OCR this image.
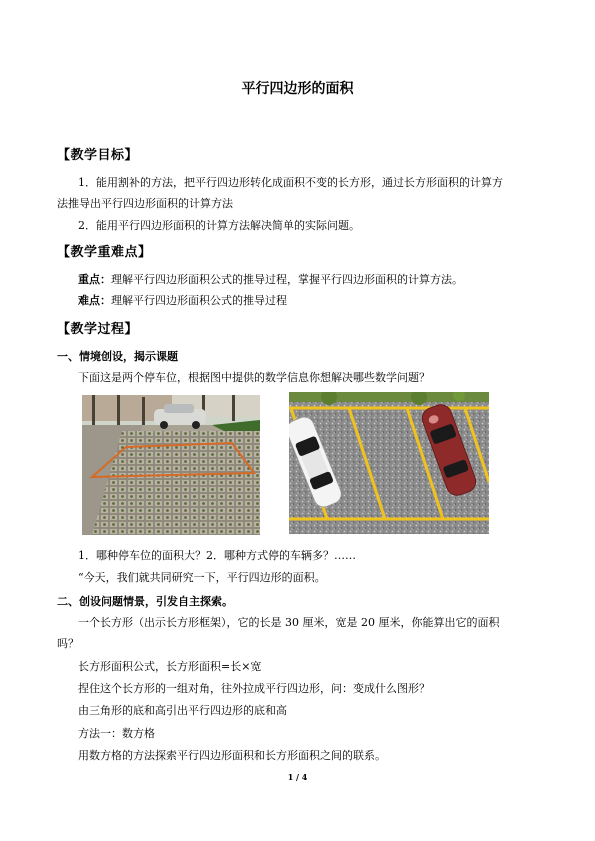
平行四边形的面积
【教学目标】
1．能用割补的方法，把平行四边形转化成面积不变的长方形，通过长方形面积的计算方
法推导出平行四边形面积的计算方法
2．能用平行四边形面积的计算方法解决简单的实际问题。
【教学重难点】
重点：理解平行四边形面积公式的推导过程，掌握平行四边形面积的计算方法。
难点：理解平行四边形面积公式的推导过程
【教学过程】
一、情境创设，揭示课题
下面这是两个停车位，根据图中提供的数学信息你想解决哪些数学问题？
1．哪种停车位的面积大？2．哪种方式停的车辆多？……
“今天，我们就共同研究一下，平行四边形的面积。
二、创设问题情景，引发自主探索。
一个长方形（出示长方形框架），它的长是 30 厘米，宽是 20 厘米，你能算出它的面积
吗？
长方形面积公式，长方形面积=长×宽
捏住这个长方形的一组对角，往外拉成平行四边形，问：变成什么图形？
由三角形的底和高引出平行四边形的底和高
方法一：数方格
用数方格的方法探索平行四边形面积和长方形面积之间的联系。
1 / 4
